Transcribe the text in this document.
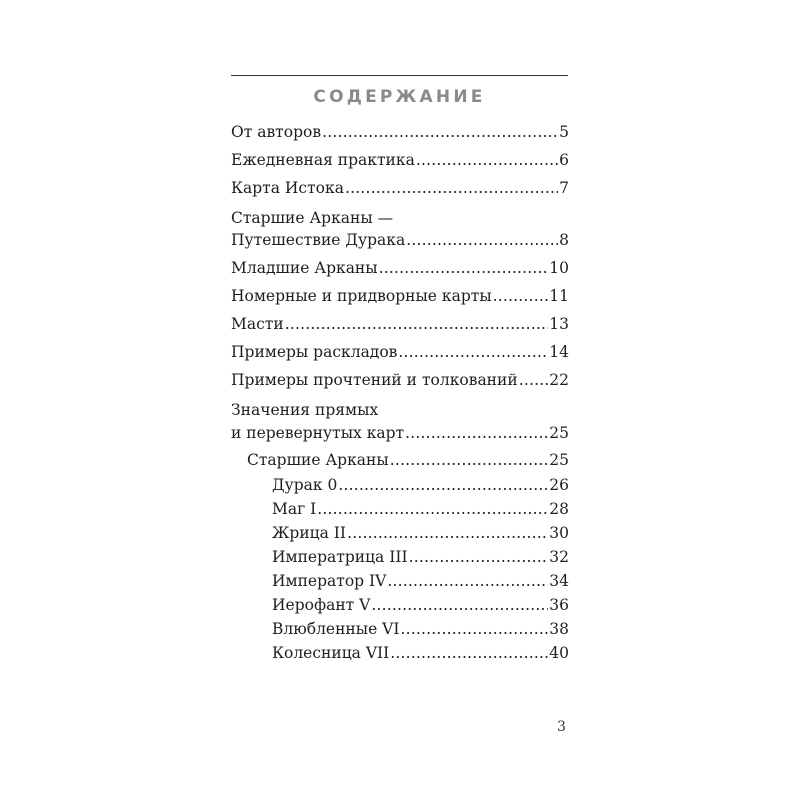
СОДЕРЖАНИЕ
От авторов .....	5
Ежедневная практика .....	6
Карта Истока .....	7
Старшие Арканы —
Путешествие Дурака .....	8
Младшие Арканы .....	10
Номерные и придворные карты .....	11
Масти .....	13
Примеры раскладов .....	14
Примеры прочтений и толкований ..... 22
Значения прямых
и перевернутых карт .....	25
Старшие Арканы .....	25
Дурак 0 .....	26
Маг I .....	28
Жрица II .....	30
Императрица III .....	32
Император IV .....	34
Иерофант V .....	36
Влюбленные VI .....	38
Колесница VII .....	40
3
